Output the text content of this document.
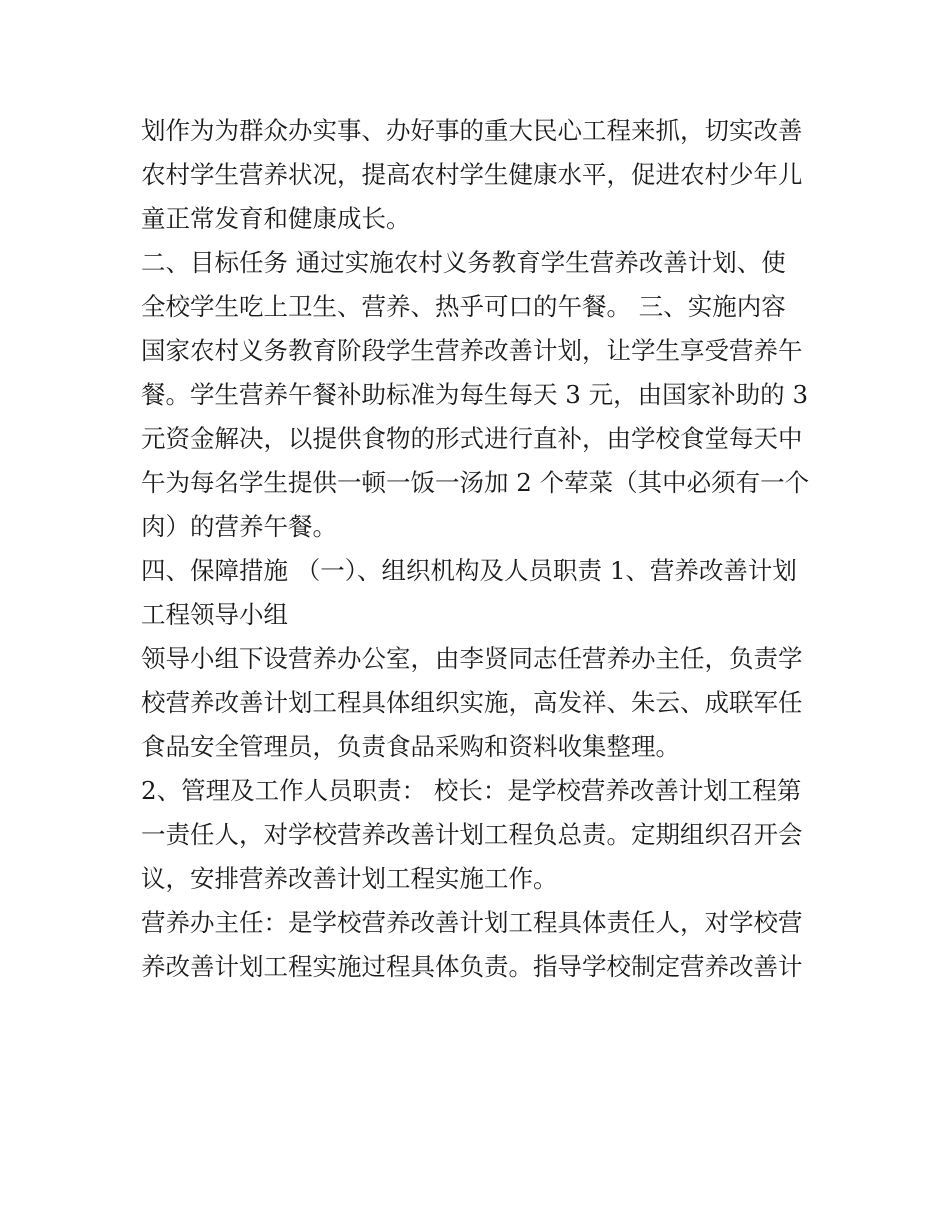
划作为为群众办实事、办好事的重大民心工程来抓，切实改善
农村学生营养状况，提高农村学生健康水平，促进农村少年儿
童正常发育和健康成长。
二、目标任务 通过实施农村义务教育学生营养改善计划、使
全校学生吃上卫生、营养、热乎可口的午餐。 三、实施内容
国家农村义务教育阶段学生营养改善计划，让学生享受营养午
餐。学生营养午餐补助标准为每生每天 3 元，由国家补助的 3
元资金解决，以提供食物的形式进行直补，由学校食堂每天中
午为每名学生提供一顿一饭一汤加 2 个荤菜（其中必须有一个
肉）的营养午餐。
四、保障措施 （一）、组织机构及人员职责 1、营养改善计划
工程领导小组
领导小组下设营养办公室，由李贤同志任营养办主任，负责学
校营养改善计划工程具体组织实施，高发祥、朱云、成联军任
食品安全管理员，负责食品采购和资料收集整理。
2、管理及工作人员职责： 校长：是学校营养改善计划工程第
一责任人，对学校营养改善计划工程负总责。定期组织召开会
议，安排营养改善计划工程实施工作。
营养办主任：是学校营养改善计划工程具体责任人，对学校营
养改善计划工程实施过程具体负责。指导学校制定营养改善计
